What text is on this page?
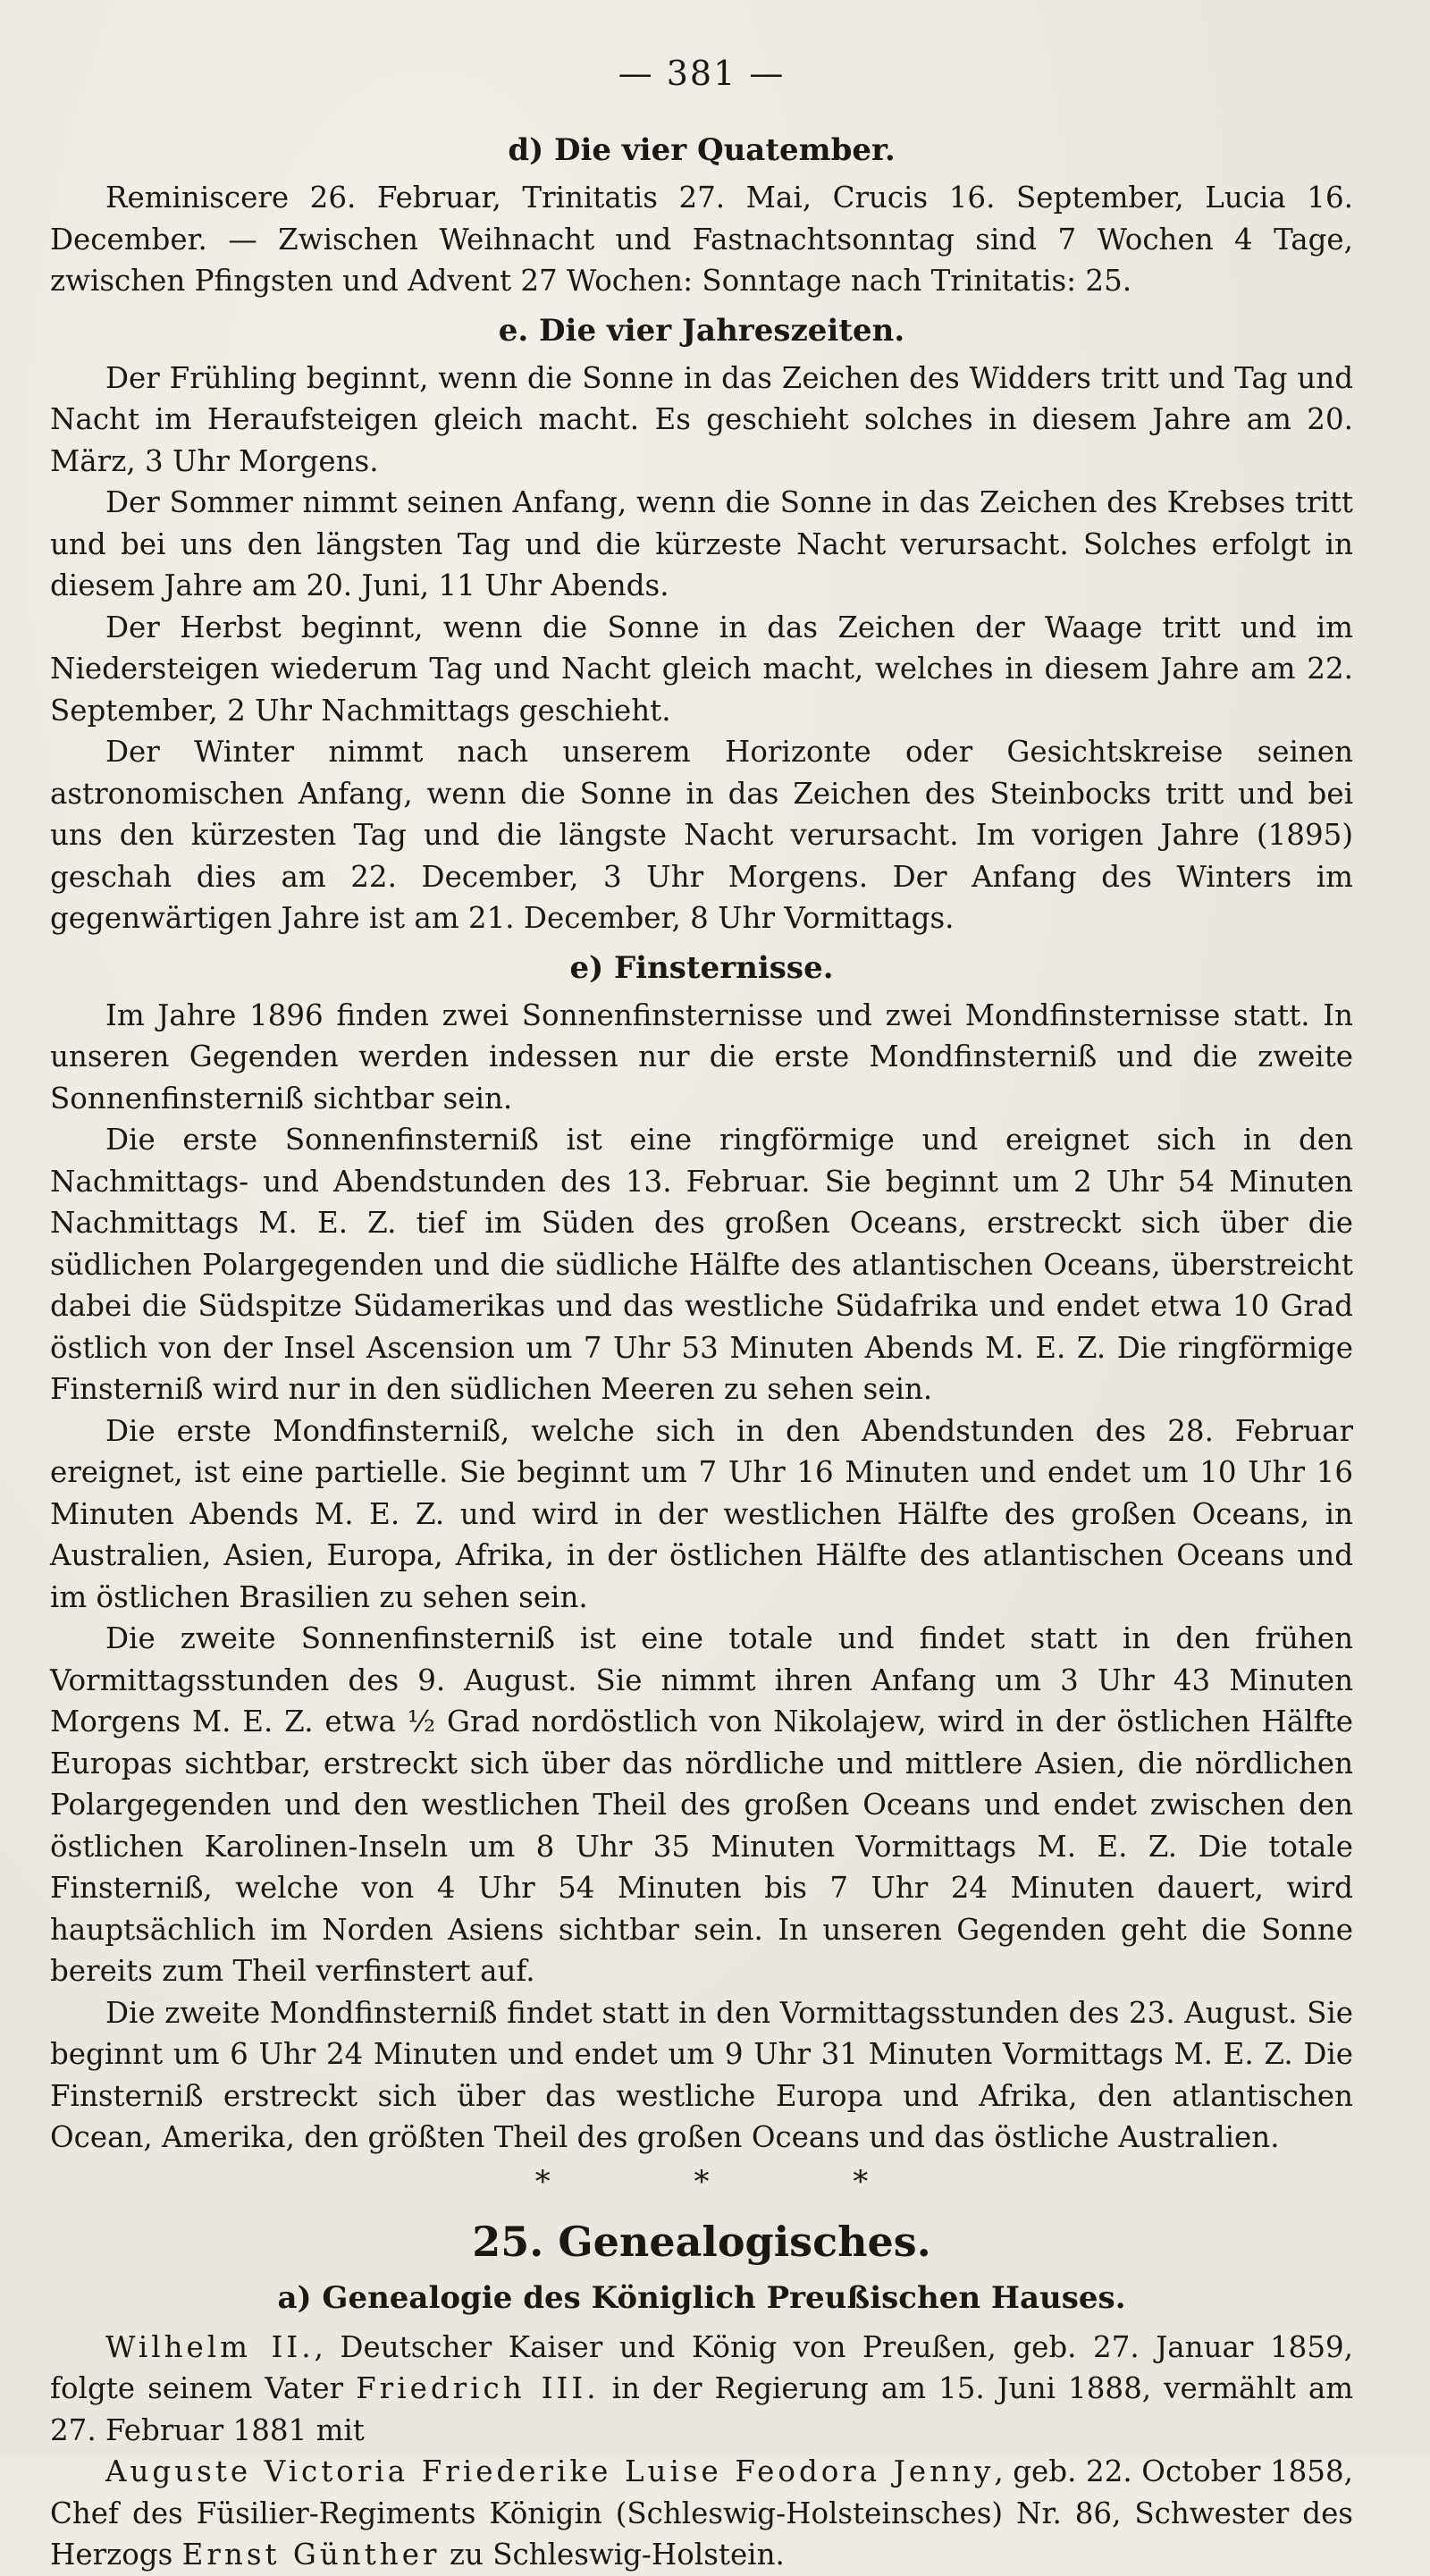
— 381 —
d) Die vier Quatember.

Reminiscere 26. Februar, Trinitatis 27. Mai, Crucis 16. September, Lucia 16. December. — Zwischen Weihnacht und Fastnachtsonntag sind 7 Wochen 4 Tage, zwischen Pfingsten und Advent 27 Wochen: Sonntage nach Trinitatis: 25.

e. Die vier Jahreszeiten.

Der Frühling beginnt, wenn die Sonne in das Zeichen des Widders tritt und Tag und Nacht im Heraufsteigen gleich macht. Es geschieht solches in diesem Jahre am 20. März, 3 Uhr Morgens.

Der Sommer nimmt seinen Anfang, wenn die Sonne in das Zeichen des Krebses tritt und bei uns den längsten Tag und die kürzeste Nacht verursacht. Solches erfolgt in diesem Jahre am 20. Juni, 11 Uhr Abends.

Der Herbst beginnt, wenn die Sonne in das Zeichen der Waage tritt und im Niedersteigen wiederum Tag und Nacht gleich macht, welches in diesem Jahre am 22. September, 2 Uhr Nachmittags geschieht.

Der Winter nimmt nach unserem Horizonte oder Gesichtskreise seinen astronomischen Anfang, wenn die Sonne in das Zeichen des Steinbocks tritt und bei uns den kürzesten Tag und die längste Nacht verursacht. Im vorigen Jahre (1895) geschah dies am 22. December, 3 Uhr Morgens. Der Anfang des Winters im gegenwärtigen Jahre ist am 21. December, 8 Uhr Vormittags.

e) Finsternisse.

Im Jahre 1896 finden zwei Sonnenfinsternisse und zwei Mondfinsternisse statt. In unseren Gegenden werden indessen nur die erste Mondfinsterniß und die zweite Sonnenfinsterniß sichtbar sein.

Die erste Sonnenfinsterniß ist eine ringförmige und ereignet sich in den Nachmittags- und Abendstunden des 13. Februar. Sie beginnt um 2 Uhr 54 Minuten Nachmittags M. E. Z. tief im Süden des großen Oceans, erstreckt sich über die südlichen Polargegenden und die südliche Hälfte des atlantischen Oceans, überstreicht dabei die Südspitze Südamerikas und das westliche Südafrika und endet etwa 10 Grad östlich von der Insel Ascension um 7 Uhr 53 Minuten Abends M. E. Z. Die ringförmige Finsterniß wird nur in den südlichen Meeren zu sehen sein.

Die erste Mondfinsterniß, welche sich in den Abendstunden des 28. Februar ereignet, ist eine partielle. Sie beginnt um 7 Uhr 16 Minuten und endet um 10 Uhr 16 Minuten Abends M. E. Z. und wird in der westlichen Hälfte des großen Oceans, in Australien, Asien, Europa, Afrika, in der östlichen Hälfte des atlantischen Oceans und im östlichen Brasilien zu sehen sein.

Die zweite Sonnenfinsterniß ist eine totale und findet statt in den frühen Vormittagsstunden des 9. August. Sie nimmt ihren Anfang um 3 Uhr 43 Minuten Morgens M. E. Z. etwa ½ Grad nordöstlich von Nikolajew, wird in der östlichen Hälfte Europas sichtbar, erstreckt sich über das nördliche und mittlere Asien, die nördlichen Polargegenden und den westlichen Theil des großen Oceans und endet zwischen den östlichen Karolinen-Inseln um 8 Uhr 35 Minuten Vormittags M. E. Z. Die totale Finsterniß, welche von 4 Uhr 54 Minuten bis 7 Uhr 24 Minuten dauert, wird hauptsächlich im Norden Asiens sichtbar sein. In unseren Gegenden geht die Sonne bereits zum Theil verfinstert auf.

Die zweite Mondfinsterniß findet statt in den Vormittagsstunden des 23. August. Sie beginnt um 6 Uhr 24 Minuten und endet um 9 Uhr 31 Minuten Vormittags M. E. Z. Die Finsterniß erstreckt sich über das westliche Europa und Afrika, den atlantischen Ocean, Amerika, den größten Theil des großen Oceans und das östliche Australien.

* * *
25. Genealogisches.
a) Genealogie des Königlich Preußischen Hauses.

Wilhelm II., Deutscher Kaiser und König von Preußen, geb. 27. Januar 1859, folgte seinem Vater Friedrich III. in der Regierung am 15. Juni 1888, vermählt am 27. Februar 1881 mit

Auguste Victoria Friederike Luise Feodora Jenny, geb. 22. October 1858, Chef des Füsilier-Regiments Königin (Schleswig-Holsteinsches) Nr. 86, Schwester des Herzogs Ernst Günther zu Schleswig-Holstein.
